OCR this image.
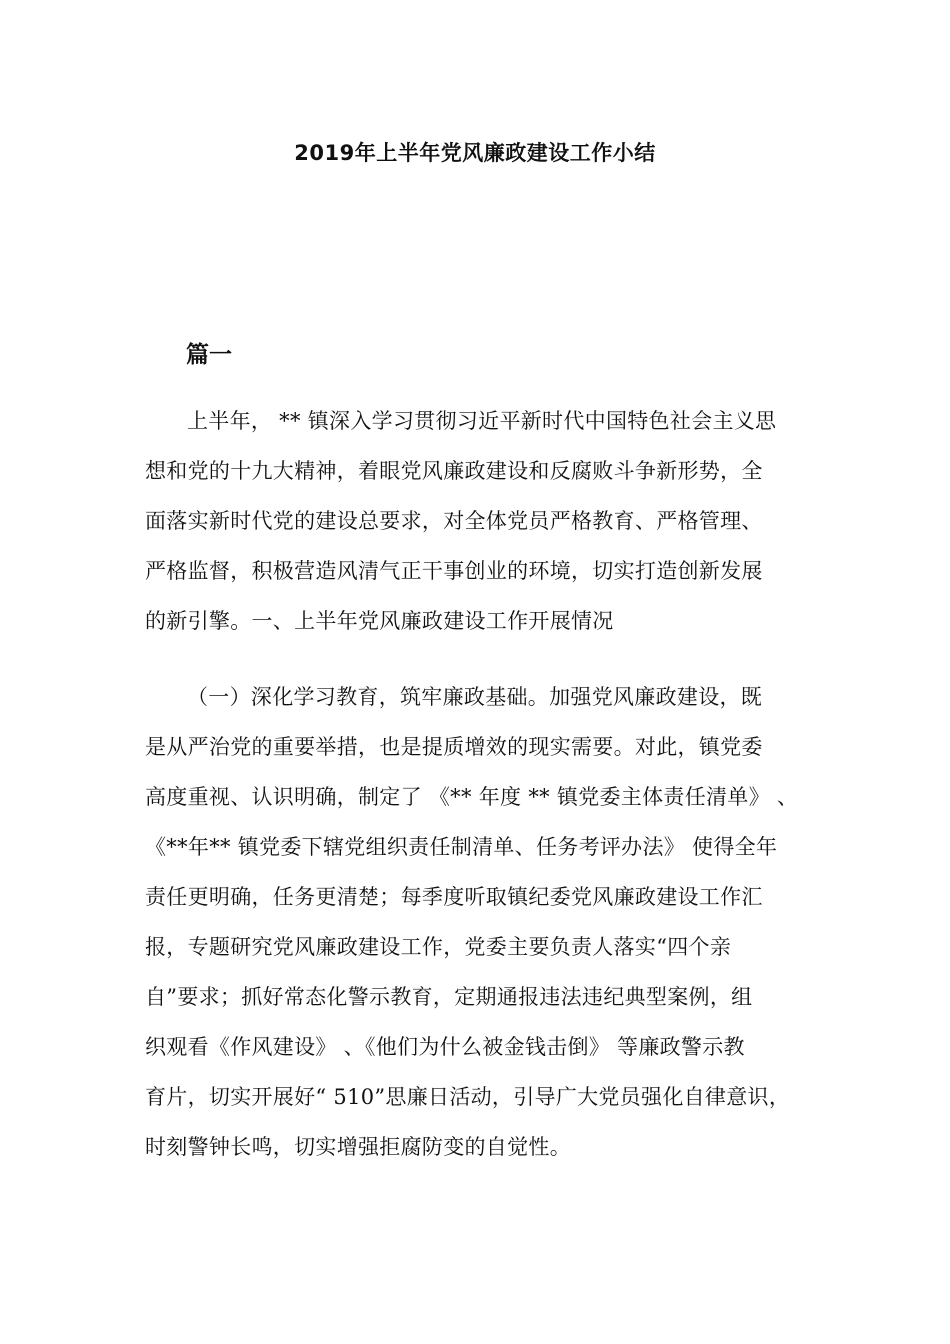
2019年上半年党风廉政建设工作小结
篇一
上半年， ** 镇深入学习贯彻习近平新时代中国特色社会主义思
想和党的十九大精神，着眼党风廉政建设和反腐败斗争新形势，全
面落实新时代党的建设总要求，对全体党员严格教育、严格管理、
严格监督，积极营造风清气正干事创业的环境，切实打造创新发展
的新引擎。一、上半年党风廉政建设工作开展情况
（一）深化学习教育，筑牢廉政基础。加强党风廉政建设，既
是从严治党的重要举措，也是提质增效的现实需要。对此，镇党委
高度重视、认识明确，制定了 《** 年度 ** 镇党委主体责任清单》 、
《**年** 镇党委下辖党组织责任制清单、任务考评办法》 使得全年
责任更明确，任务更清楚；每季度听取镇纪委党风廉政建设工作汇
报，专题研究党风廉政建设工作，党委主要负责人落实“四个亲
自”要求；抓好常态化警示教育，定期通报违法违纪典型案例，组
织观看《作风建设》 、《他们为什么被金钱击倒》 等廉政警示教
育片，切实开展好“ 510”思廉日活动，引导广大党员强化自律意识，
时刻警钟长鸣，切实增强拒腐防变的自觉性。
